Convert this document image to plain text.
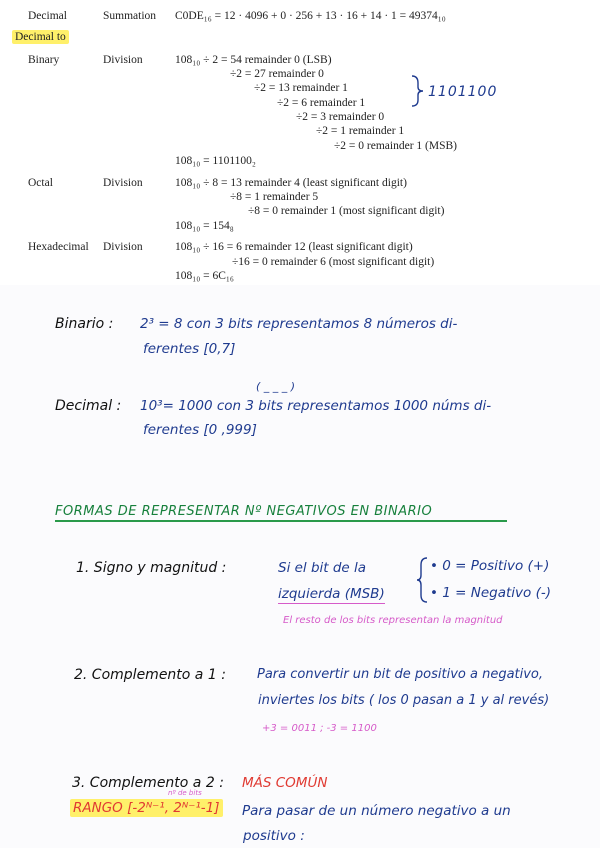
Decimal	Summation C0DE₁₆ = 12 · 4096 + 0 · 256 + 13 · 16 + 14 · 1 = 49374₁₀
Decimal to
Binary	Division	108₁₀ ÷ 2 = 54 remainder 0 (LSB)
÷2 = 27 remainder 0
÷2 = 13 remainder 1
÷2 = 6 remainder 1
÷2 = 3 remainder 0
÷2 = 1 remainder 1
÷2 = 0 remainder 1 (MSB)
108₁₀ = 1101100₂
1101100
Octal	Division	108₁₀ ÷ 8 = 13 remainder 4 (least significant digit)
÷8 = 1 remainder 5
÷8 = 0 remainder 1 (most significant digit)
108₁₀ = 154₈
Hexadecimal Division	108₁₀ ÷ 16 = 6 remainder 12 (least significant digit)
÷16 = 0 remainder 6 (most significant digit)
108₁₀ = 6C₁₆
Binario : 2³ = 8 con 3 bits representamos 8 números di-
ferentes [0,7]
( _ _ _ )
Decimal : 10³= 1000 con 3 bits representamos 1000 núms di-
ferentes [0 ,999]
FORMAS DE REPRESENTAR Nº NEGATIVOS EN BINARIO
1. Signo y magnitud :	Si el bit de la
izquierda (MSB)
• 0 = Positivo (+)
• 1 = Negativo (-)
El resto de los bits representan la magnitud
2. Complemento a 1 : Para convertir un bit de positivo a negativo,
inviertes los bits ( los 0 pasan a 1 y al revés)
+3 = 0011 ; -3 = 1100
3. Complemento a 2 : MÁS COMÚN
nº de bits
RANGO [-2ᴺ⁻¹, 2ᴺ⁻¹-1] Para pasar de un número negativo a un
positivo :
